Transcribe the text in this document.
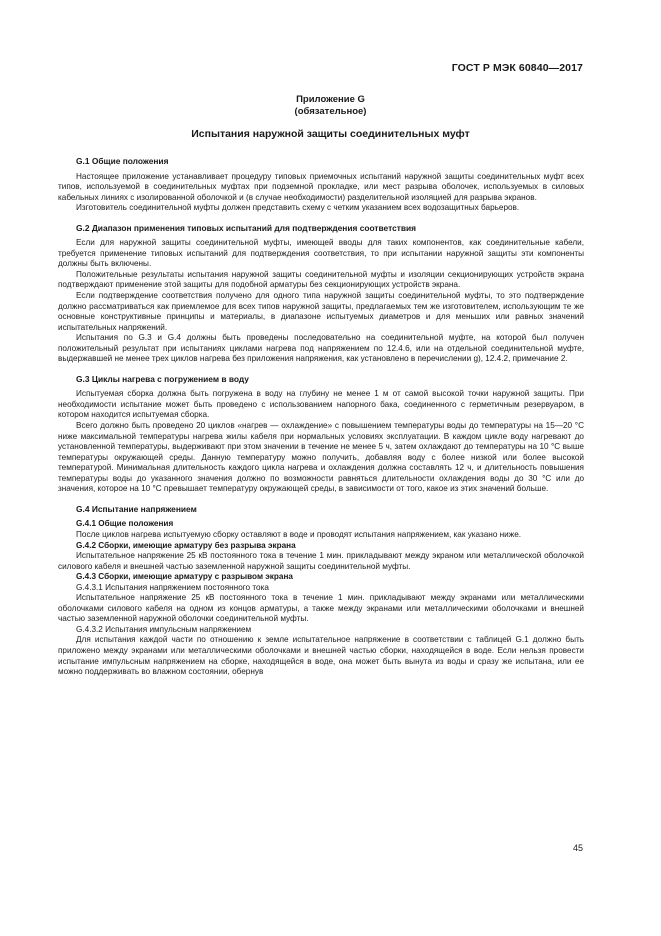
ГОСТ Р МЭК 60840—2017
Приложение G
(обязательное)
Испытания наружной защиты соединительных муфт
G.1 Общие положения

Настоящее приложение устанавливает процедуру типовых приемочных испытаний наружной защиты соединительных муфт всех типов, используемой в соединительных муфтах при подземной прокладке, или мест разрыва оболочек, используемых в силовых кабельных линиях с изолированной оболочкой и (в случае необходимости) разделительной изоляцией для разрыва экранов.

Изготовитель соединительной муфты должен представить схему с четким указанием всех водозащитных барьеров.

G.2 Диапазон применения типовых испытаний для подтверждения соответствия

Если для наружной защиты соединительной муфты, имеющей вводы для таких компонентов, как соединительные кабели, требуется применение типовых испытаний для подтверждения соответствия, то при испытании наружной защиты эти компоненты должны быть включены.

Положительные результаты испытания наружной защиты соединительной муфты и изоляции секционирующих устройств экрана подтверждают применение этой защиты для подобной арматуры без секционирующих устройств экрана.

Если подтверждение соответствия получено для одного типа наружной защиты соединительной муфты, то это подтверждение должно рассматриваться как приемлемое для всех типов наружной защиты, предлагаемых тем же изготовителем, использующим те же основные конструктивные принципы и материалы, в диапазоне испытуемых диаметров и для меньших или равных значений испытательных напряжений.

Испытания по G.3 и G.4 должны быть проведены последовательно на соединительной муфте, на которой был получен положительный результат при испытаниях циклами нагрева под напряжением по 12.4.6, или на отдельной соединительной муфте, выдержавшей не менее трех циклов нагрева без приложения напряжения, как установлено в перечислении g), 12.4.2, примечание 2.

G.3 Циклы нагрева с погружением в воду

Испытуемая сборка должна быть погружена в воду на глубину не менее 1 м от самой высокой точки наружной защиты. При необходимости испытание может быть проведено с использованием напорного бака, соединенного с герметичным резервуаром, в котором находится испытуемая сборка.

Всего должно быть проведено 20 циклов «нагрев — охлаждение» с повышением температуры воды до температуры на 15—20 °С ниже максимальной температуры нагрева жилы кабеля при нормальных условиях эксплуатации. В каждом цикле воду нагревают до установленной температуры, выдерживают при этом значении в течение не менее 5 ч, затем охлаждают до температуры на 10 °С выше температуры окружающей среды. Данную температуру можно получить, добавляя воду с более низкой или более высокой температурой. Минимальная длительность каждого цикла нагрева и охлаждения должна составлять 12 ч, и длительность повышения температуры воды до указанного значения должно по возможности равняться длительности охлаждения воды до 30 °С или до значения, которое на 10 °С превышает температуру окружающей среды, в зависимости от того, какое из этих значений больше.

G.4 Испытание напряжением
G.4.1 Общие положения

После циклов нагрева испытуемую сборку оставляют в воде и проводят испытания напряжением, как указано ниже.

G.4.2 Сборки, имеющие арматуру без разрыва экрана

Испытательное напряжение 25 кВ постоянного тока в течение 1 мин. прикладывают между экраном или металлической оболочкой силового кабеля и внешней частью заземленной наружной защиты соединительной муфты.

G.4.3 Сборки, имеющие арматуру с разрывом экрана
G.4.3.1 Испытания напряжением постоянного тока

Испытательное напряжение 25 кВ постоянного тока в течение 1 мин. прикладывают между экранами или металлическими оболочками силового кабеля на одном из концов арматуры, а также между экранами или металлическими оболочками и внешней частью заземленной наружной оболочки соединительной муфты.

G.4.3.2 Испытания импульсным напряжением

Для испытания каждой части по отношению к земле испытательное напряжение в соответствии с таблицей G.1 должно быть приложено между экранами или металлическими оболочками и внешней частью сборки, находящейся в воде. Если нельзя провести испытание импульсным напряжением на сборке, находящейся в воде, она может быть вынута из воды и сразу же испытана, или ее можно поддерживать во влажном состоянии, обернув

45
